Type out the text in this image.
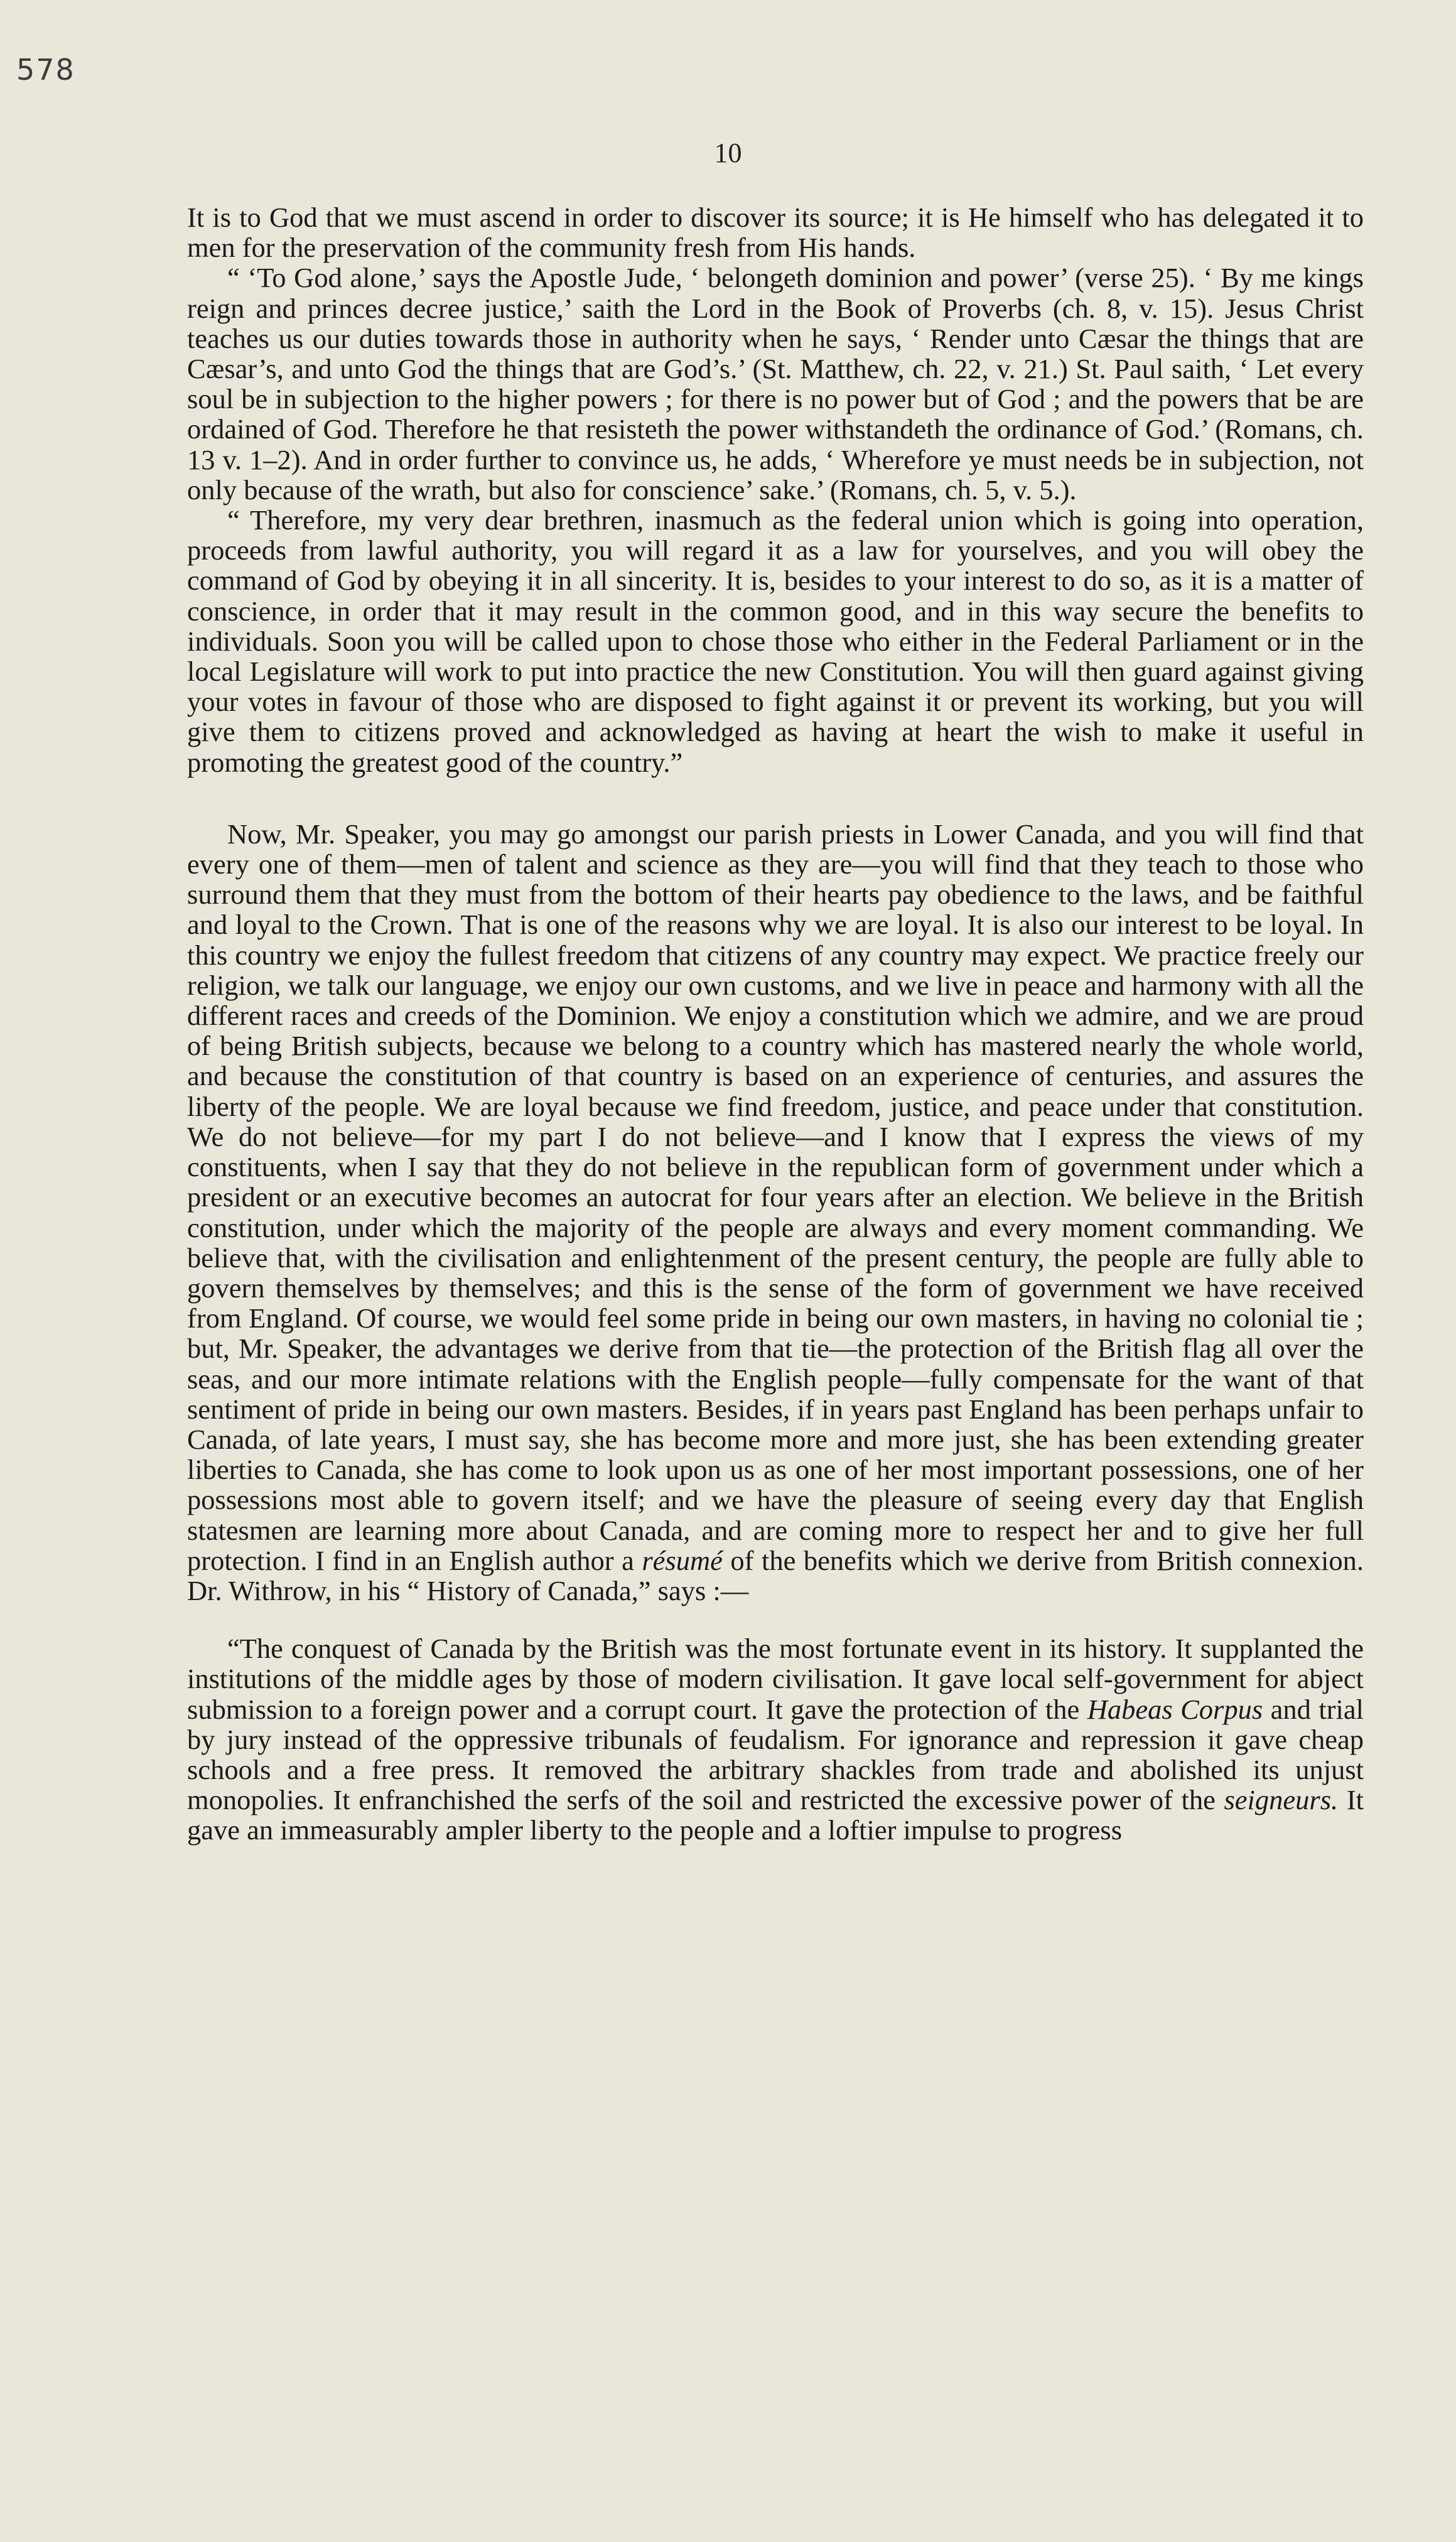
578
10

It is to God that we must ascend in order to discover its source; it is He himself who has delegated it to men for the preservation of the community fresh from His hands.

“ ‘To God alone,’ says the Apostle Jude, ‘ belongeth dominion and power’ (verse 25). ‘ By me kings reign and princes decree justice,’ saith the Lord in the Book of Proverbs (ch. 8, v. 15). Jesus Christ teaches us our duties towards those in authority when he says, ‘ Render unto Cæsar the things that are Cæsar’s, and unto God the things that are God’s.’ (St. Matthew, ch. 22, v. 21.) St. Paul saith, ‘ Let every soul be in subjection to the higher powers ; for there is no power but of God ; and the powers that be are ordained of God. Therefore he that resisteth the power withstandeth the ordinance of God.’ (Romans, ch. 13 v. 1–2). And in order further to convince us, he adds, ‘ Wherefore ye must needs be in subjection, not only because of the wrath, but also for conscience’ sake.’ (Romans, ch. 5, v. 5.).

“ Therefore, my very dear brethren, inasmuch as the federal union which is going into operation, proceeds from lawful authority, you will regard it as a law for yourselves, and you will obey the command of God by obeying it in all sincerity. It is, besides to your interest to do so, as it is a matter of conscience, in order that it may result in the common good, and in this way secure the benefits to individuals. Soon you will be called upon to chose those who either in the Federal Parliament or in the local Legislature will work to put into practice the new Constitution. You will then guard against giving your votes in favour of those who are disposed to fight against it or prevent its working, but you will give them to citizens proved and acknowledged as having at heart the wish to make it useful in promoting the greatest good of the country.”

Now, Mr. Speaker, you may go amongst our parish priests in Lower Canada, and you will find that every one of them—men of talent and science as they are—you will find that they teach to those who surround them that they must from the bottom of their hearts pay obedience to the laws, and be faithful and loyal to the Crown. That is one of the reasons why we are loyal. It is also our interest to be loyal. In this country we enjoy the fullest freedom that citizens of any country may expect. We practice freely our religion, we talk our language, we enjoy our own customs, and we live in peace and harmony with all the different races and creeds of the Dominion. We enjoy a constitution which we admire, and we are proud of being British subjects, because we belong to a country which has mastered nearly the whole world, and because the constitution of that country is based on an experience of centuries, and assures the liberty of the people. We are loyal because we find freedom, justice, and peace under that constitution. We do not believe—for my part I do not believe—and I know that I express the views of my constituents, when I say that they do not believe in the republican form of government under which a president or an executive becomes an autocrat for four years after an election. We believe in the British constitution, under which the majority of the people are always and every moment commanding. We believe that, with the civilisation and enlightenment of the present century, the people are fully able to govern themselves by themselves; and this is the sense of the form of government we have received from England. Of course, we would feel some pride in being our own masters, in having no colonial tie ; but, Mr. Speaker, the advantages we derive from that tie—the protection of the British flag all over the seas, and our more intimate relations with the English people—fully compensate for the want of that sentiment of pride in being our own masters. Besides, if in years past England has been perhaps unfair to Canada, of late years, I must say, she has become more and more just, she has been extending greater liberties to Canada, she has come to look upon us as one of her most important possessions, one of her possessions most able to govern itself; and we have the pleasure of seeing every day that English statesmen are learning more about Canada, and are coming more to respect her and to give her full protection. I find in an English author a résumé of the benefits which we derive from British connexion. Dr. Withrow, in his “ History of Canada,” says :—

“The conquest of Canada by the British was the most fortunate event in its history. It supplanted the institutions of the middle ages by those of modern civilisation. It gave local self-government for abject submission to a foreign power and a corrupt court. It gave the protection of the Habeas Corpus and trial by jury instead of the oppressive tribunals of feudalism. For ignorance and repression it gave cheap schools and a free press. It removed the arbitrary shackles from trade and abolished its unjust monopolies. It enfranchished the serfs of the soil and restricted the excessive power of the seigneurs. It gave an immeasurably ampler liberty to the people and a loftier impulse to progress
